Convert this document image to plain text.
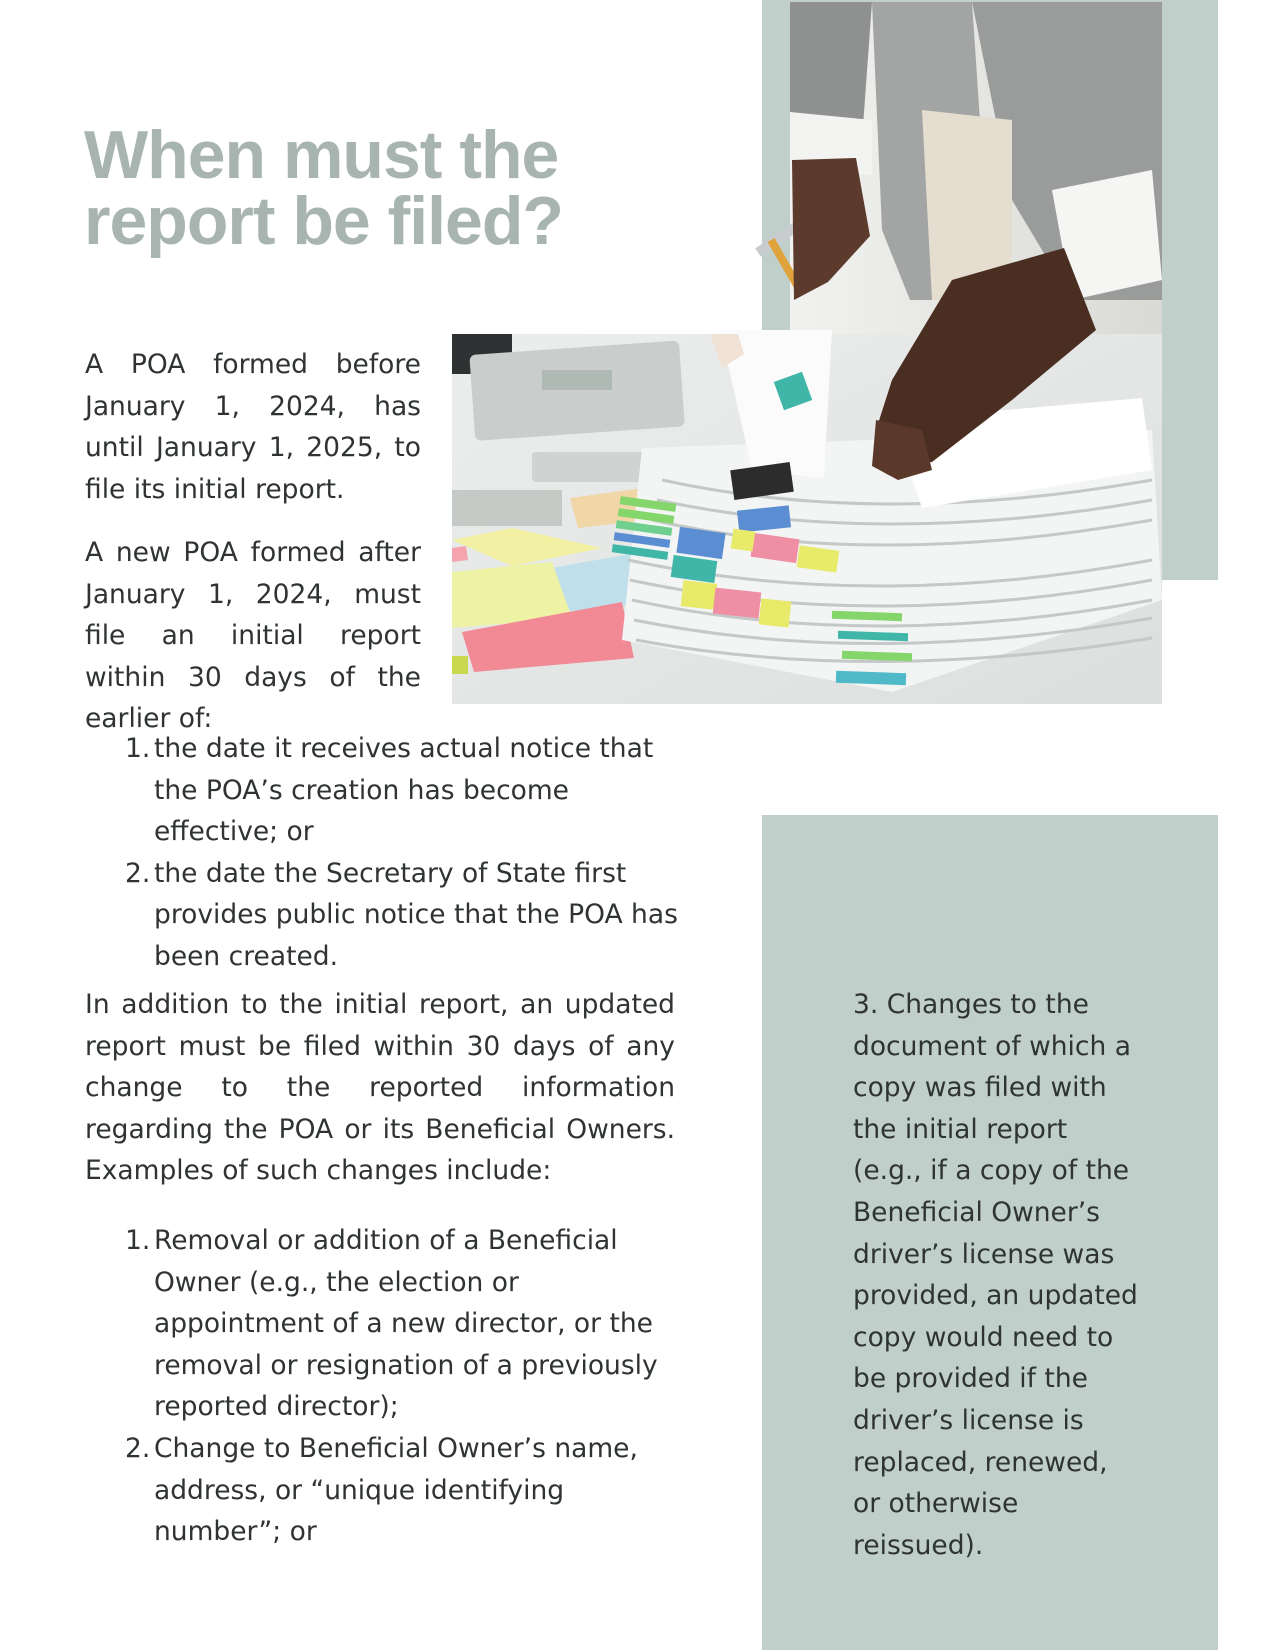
When must the report be filed?

A POA formed before January 1, 2024, has until January 1, 2025, to file its initial report.

A new POA formed after January 1, 2024, must file an initial report within 30 days of the earlier of:

1. the date it receives actual notice that the POA’s creation has become effective; or
2. the date the Secretary of State first provides public notice that the POA has been created.

In addition to the initial report, an updated report must be filed within 30 days of any change to the reported information regarding the POA or its Beneficial Owners. Examples of such changes include:

1. Removal or addition of a Beneficial Owner (e.g., the election or appointment of a new director, or the removal or resignation of a previously reported director);
2. Change to Beneficial Owner’s name, address, or “unique identifying number”; or

3. Changes to the document of which a copy was filed with the initial report (e.g., if a copy of the Beneficial Owner’s driver’s license was provided, an updated copy would need to be provided if the driver’s license is replaced, renewed, or otherwise reissued).
